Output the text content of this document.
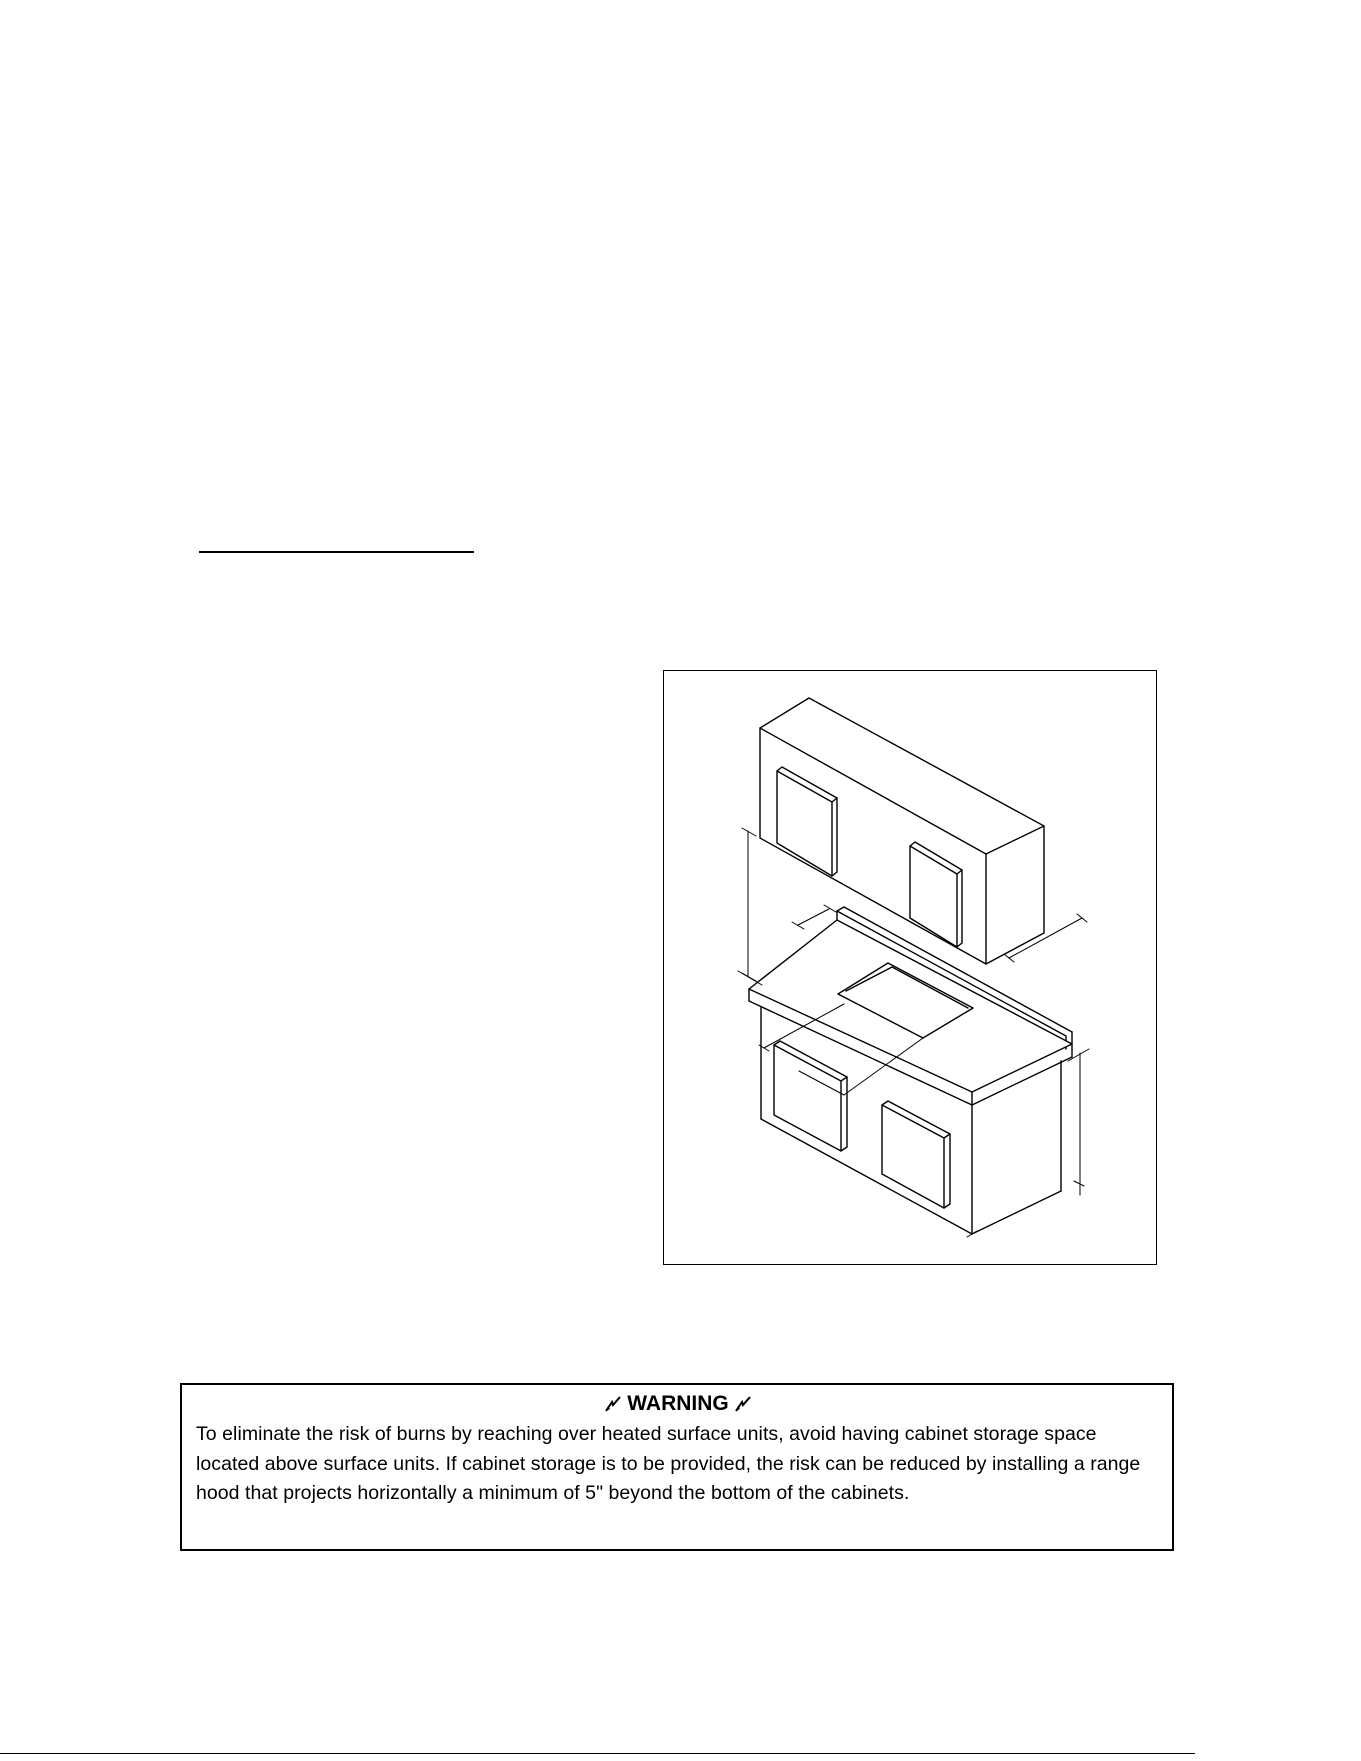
WARNING

To eliminate the risk of burns by reaching over heated surface units, avoid having cabinet storage space located above surface units. If cabinet storage is to be provided, the risk can be reduced by installing a range hood that projects horizontally a minimum of 5" beyond the bottom of the cabinets.
